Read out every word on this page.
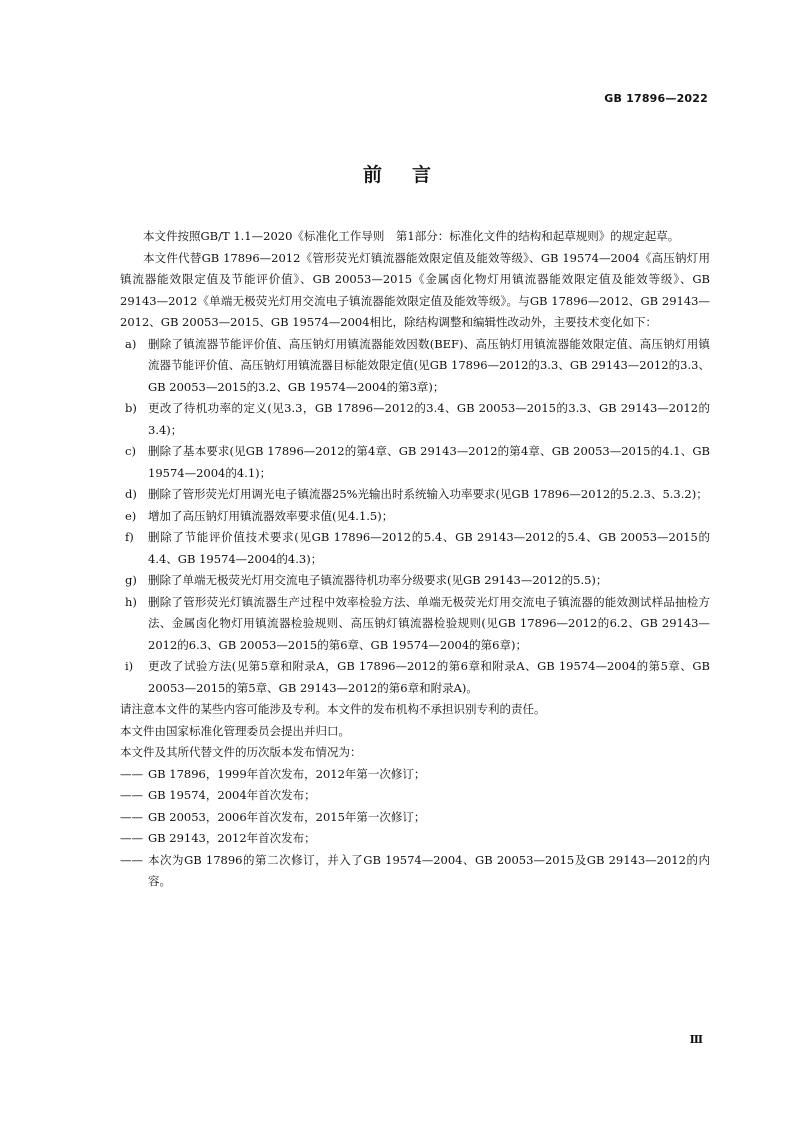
GB 17896—2022
前言

本文件按照GB/T 1.1—2020《标准化工作导则　第1部分：标准化文件的结构和起草规则》的规定起草。

本文件代替GB 17896—2012《管形荧光灯镇流器能效限定值及能效等级》、GB 19574—2004《高压钠灯用镇流器能效限定值及节能评价值》、GB 20053—2015《金属卤化物灯用镇流器能效限定值及能效等级》、GB 29143—2012《单端无极荧光灯用交流电子镇流器能效限定值及能效等级》。与GB 17896—2012、GB 29143—2012、GB 20053—2015、GB 19574—2004相比，除结构调整和编辑性改动外，主要技术变化如下：

a)	删除了镇流器节能评价值、高压钠灯用镇流器能效因数(BEF)、高压钠灯用镇流器能效限定值、高压钠灯用镇流器节能评价值、高压钠灯用镇流器目标能效限定值(见GB 17896—2012的3.3、GB 29143—2012的3.3、GB 20053—2015的3.2、GB 19574—2004的第3章)；
b) 更改了待机功率的定义(见3.3，GB 17896—2012的3.4、GB 20053—2015的3.3、GB 29143—2012的3.4)；
c)	删除了基本要求(见GB 17896—2012的第4章、GB 29143—2012的第4章、GB 20053—2015的4.1、GB 19574—2004的4.1)；
d) 删除了管形荧光灯用调光电子镇流器25%光输出时系统输入功率要求(见GB 17896—2012的5.2.3、5.3.2)；
e)	增加了高压钠灯用镇流器效率要求值(见4.1.5)；
f)	删除了节能评价值技术要求(见GB 17896—2012的5.4、GB 29143—2012的5.4、GB 20053—2015的4.4、GB 19574—2004的4.3)；
g) 删除了单端无极荧光灯用交流电子镇流器待机功率分级要求(见GB 29143—2012的5.5)；
h) 删除了管形荧光灯镇流器生产过程中效率检验方法、单端无极荧光灯用交流电子镇流器的能效测试样品抽检方法、金属卤化物灯用镇流器检验规则、高压钠灯镇流器检验规则(见GB 17896—2012的6.2、GB 29143—2012的6.3、GB 20053—2015的第6章、GB 19574—2004的第6章)；
i)	更改了试验方法(见第5章和附录A，GB 17896—2012的第6章和附录A、GB 19574—2004的第5章、GB 20053—2015的第5章、GB 29143—2012的第6章和附录A)。

请注意本文件的某些内容可能涉及专利。本文件的发布机构不承担识别专利的责任。

本文件由国家标准化管理委员会提出并归口。

本文件及其所代替文件的历次版本发布情况为：

—— GB 17896，1999年首次发布，2012年第一次修订；
—— GB 19574，2004年首次发布；
—— GB 20053，2006年首次发布，2015年第一次修订；
—— GB 29143，2012年首次发布；
—— 本次为GB 17896的第二次修订，并入了GB 19574—2004、GB 20053—2015及GB 29143—2012的内容。
Ⅲ
